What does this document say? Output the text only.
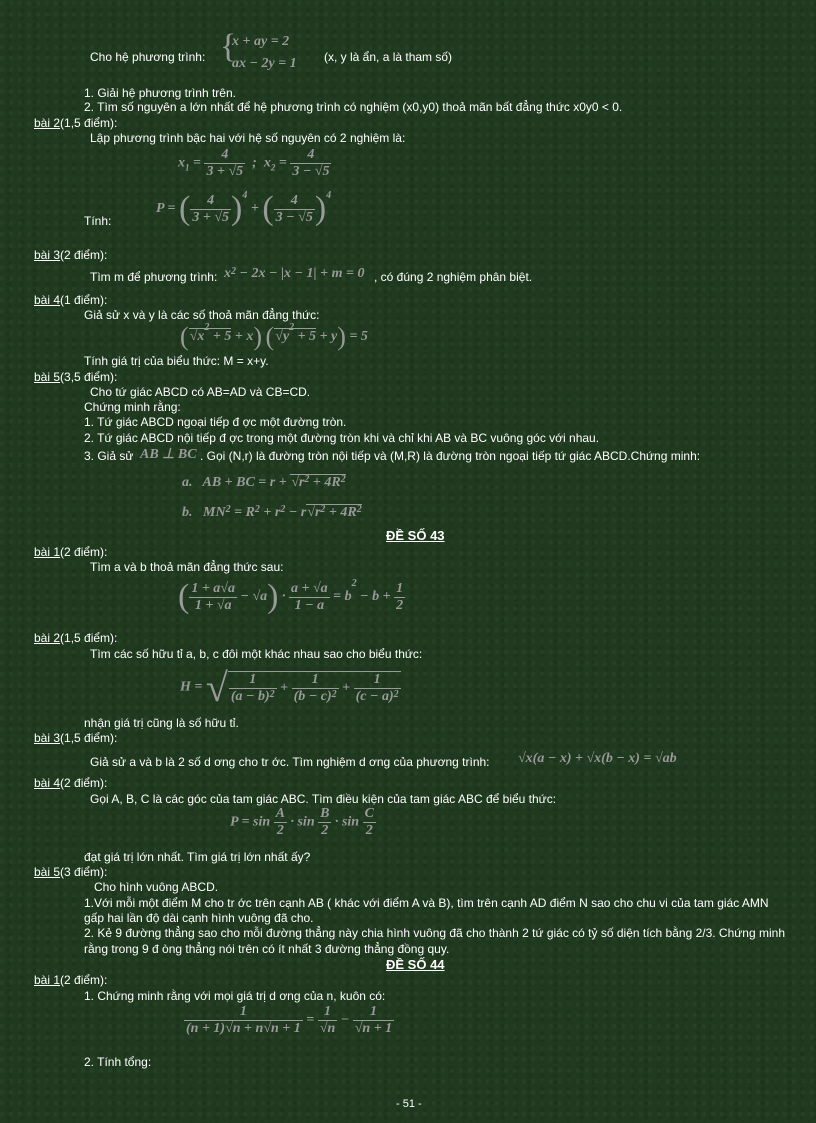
Cho hệ phương trình: {
x + ay = 2
ax − 2y = 1 (x, y là ẩn, a là tham số)
1. Giải hệ phương trình trên.
2. Tìm số nguyên a lớn nhất để hệ phương trình có nghiệm (x0,y0) thoả mãn bất đẳng thức x0y0 < 0.
bài 2(1,5 điểm):
Lập phương trình bậc hai với hệ số nguyên có 2 nghiệm là:
$x_1 = \frac{4}{3 + √5}$ ;  $x_2 = \frac{4}{3 - √5}$
Tính:
P = ( $\frac{4}{3 + √5} )^4$ + ( $\frac{4}{3 - √5} )^4$
bài 3(2 điểm):
Tìm m để phương trình: $x^2 - 2x - |x - 1| + m = 0$ , có đúng 2 nghiệm phân biệt.
bài 4(1 điểm):
Giả sử x và y là các số thoả mãn đẳng thức:
$(√x^2 + 5 + x) (√y^2 + 5 + y) = 5$
Tính giá trị của biểu thức: M = x+y.
bài 5(3,5 điểm):
Cho tứ giác ABCD có AB=AD và CB=CD.
Chứng minh rằng:
1. Tứ giác ABCD ngoại tiếp đ ợc một đường tròn.
2. Tứ giác ABCD nội tiếp đ ợc trong một đường tròn khi và chỉ khi AB và BC vuông góc với nhau.
3. Giả sử AB ⊥ BC . Gọi (N,r) là đường tròn nội tiếp và (M,R) là đường tròn ngoại tiếp tứ giác ABCD.Chứng minh:
a.   AB + BC = $r + √r^2 + 4R^2$
b.   $MN^2 = R^2 + r^2 - r√r^2 + 4R^2$
ĐỀ SỐ 43
bài 1(2 điểm):
Tìm a và b thoả mãn đẳng thức sau:
( $\frac{1 + a√a}{1 + √a} - √a) \cdot \frac{a + √a}{1 - a} = b^2 - b + \frac{1}{2}$
bài 2(1,5 điểm):
Tìm các số hữu tỉ a, b, c đôi một khác nhau sao cho biểu thức:
H = √ $\frac{1}{(a - b)^2} + \frac{1}{(b - c)^2} + \frac{1}{(c - a)^2}$
nhận giá trị cũng là số hữu tỉ.
bài 3(1,5 điểm):
Giả sử a và b là 2 số d ơng cho tr ớc. Tìm nghiệm d ơng của phương trình: √x(a − x) + √x(b − x) = √ab
bài 4(2 điểm):
Gọi A, B, C là các góc của tam giác ABC. Tìm điều kiện của tam giác ABC để biểu thức:
$P = \sin \frac{A}{2} \cdot \sin \frac{B}{2} \cdot \sin \frac{C}{2}$
đạt giá trị lớn nhất. Tìm giá trị lớn nhất ấy?
bài 5(3 điểm):
Cho hình vuông ABCD.
1.Với mỗi một điểm M cho tr ớc trên cạnh AB ( khác với điểm A và B), tìm trên cạnh AD điểm N sao cho chu vi của tam giác AMN
gấp hai lần độ dài cạnh hình vuông đã cho.
2. Kẻ 9 đường thẳng sao cho mỗi đường thẳng này chia hình vuông đã cho thành 2 tứ giác có tỷ số diện tích bằng 2/3. Chứng minh
rằng trong 9 đ òng thẳng nói trên có ít nhất 3 đường thẳng đồng quy.
ĐỀ SỐ 44
bài 1(2 điểm):
1. Chứng minh rằng với mọi giá trị d ơng của n, kuôn có:
$\frac{1}{(n + 1)√n + n√n + 1} = \frac{1}{√n} - \frac{1}{√n + 1}$
2. Tính tổng:
- 51 -
